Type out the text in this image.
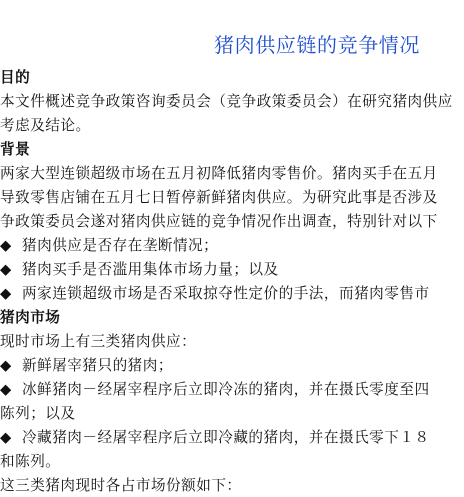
猪肉供应链的竞争情况
目的
本文件概述竞争政策咨询委员会（竞争政策委员会）在研究猪肉供应
考虑及结论。
背景
两家大型连锁超级市场在五月初降低猪肉零售价。猪肉买手在五月
导致零售店铺在五月七日暂停新鲜猪肉供应。为研究此事是否涉及
争政策委员会遂对猪肉供应链的竞争情况作出调查，特别针对以下
◆ 猪肉供应是否存在垄断情况；
◆ 猪肉买手是否滥用集体市场力量；以及
◆ 两家连锁超级市场是否采取掠夺性定价的手法，而猪肉零售市
猪肉市场
现时市场上有三类猪肉供应：
◆ 新鲜屠宰猪只的猪肉；
◆ 冰鲜猪肉－经屠宰程序后立即冷冻的猪肉，并在摄氏零度至四
陈列；以及
◆ 冷藏猪肉－经屠宰程序后立即冷藏的猪肉，并在摄氏零下１８
和陈列。
这三类猪肉现时各占市场份额如下：
